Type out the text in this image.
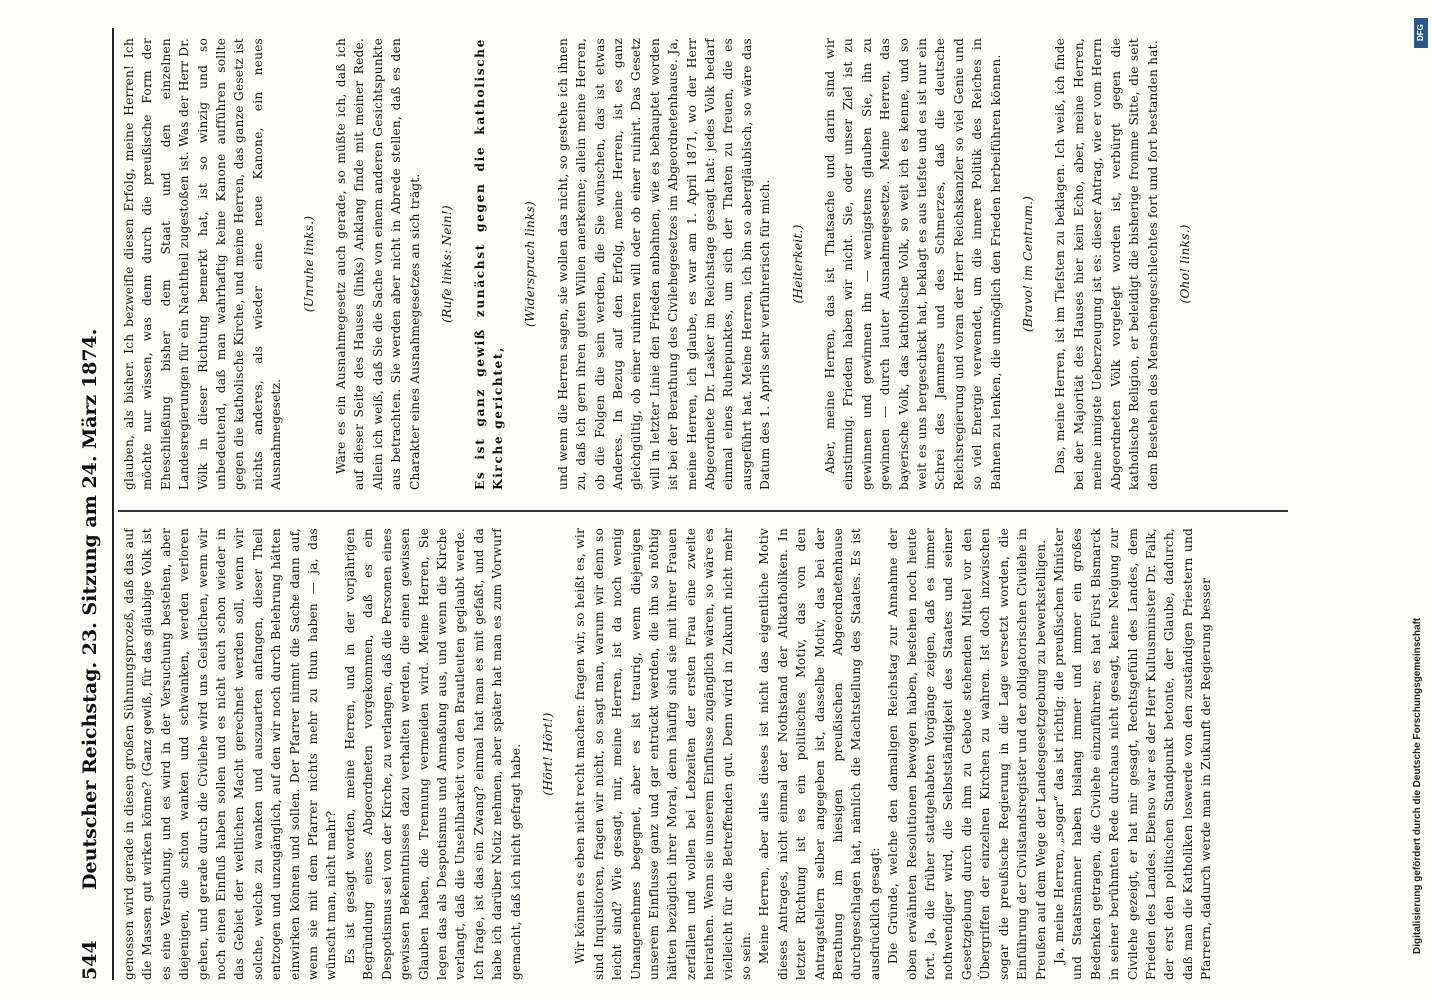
544
Deutscher Reichstag. 23. Sitzung am 24. März 1874.	genossen wird gerade in diesen großen Sühnungsprozeß, daß das auf die Massen gut wirken könne? (Ganz gewiß, für das gläubige Volk ist es eine Versuchung, und es wird in der Versuchung bestehen, aber diejenigen, die schon wanken und schwanken, werden verloren gehen, und gerade durch die Civilehe wird uns Geistlichen, wenn wir noch einen Einfluß haben sollen und es nicht auch schon wieder in das Gebiet der weltlichen Macht gerechnet werden soll, wenn wir solche, welche zu wanken und auszuarten anfangen, dieser Theil entzogen und unzugänglich, auf den wir noch durch Belehrung hätten einwirken können und sollen. Der Pfarrer nimmt die Sache dann auf, wenn sie mit dem Pfarrer nichts mehr zu thun haben — ja, das wünscht man, nicht mahr? Es ist gesagt worden, meine Herren, und in der vorjährigen Begründung eines Abgeordneten vorgekommen, daß es ein Despotismus sei von der Kirche, zu verlangen, daß die Personen eines gewissen Bekenntnisses dazu verhalten werden, die einen gewissen Glauben haben, die Trennung vermeiden wird. Meine Herren, Sie legen das als Despotismus und Anmaßung aus, und wenn die Kirche verlangt, daß die Unsehlbarkeit von den Brautleuten geglaubt werde. Ich frage, ist das ein Zwang? einmal hat man es mit gefaßt, und da habe ich darüber Notiz nehmen, aber später hat man es zum Vorwurf gemacht, daß ich nicht gefragt habe. (Hört! Hört!) Wir können es eben nicht recht machen: fragen wir, so heißt es, wir sind Inquisitoren, fragen wir nicht, so sagt man, warum wir denn so leicht sind? Wie gesagt, mir, meine Herren, ist da noch wenig Unangenehmes begegnet, aber es ist traurig, wenn diejenigen unserem Einflusse ganz und gar entrückt werden, die ihn so nöthig hätten bezüglich ihrer Moral, denn häufig sind sie mit ihrer Frauen zerfallen und wollen bei Lebzeiten der ersten Frau eine zweite heirathen. Wenn sie unserem Einflusse zugänglich wären, so wäre es vielleicht für die Betreffenden gut. Denn wird in Zukunft nicht mehr so sein. Meine Herren, aber alles dieses ist nicht das eigentliche Motiv dieses Antrages, nicht einmal der Nothstand der Altkatholiken. In letzter Richtung ist es ein politisches Motiv, das von den Antragstellern selber angegeben ist, dasselbe Motiv, das bei der Berathung im hiesigen preußischen Abgeordnetenhause durchgeschlagen hat, nämlich die Machtstellung des Staates. Es ist ausdrücklich gesagt: Die Gründe, welche den damaligen Reichstag zur Annahme der oben erwähnten Resolutionen bewogen haben, bestehen noch heute fort. Ja, die früher stattgehabten Vorgänge zeigen, daß es immer nothwendiger wird, die Selbstständigkeit des Staates und seiner Gesetzgebung durch die ihm zu Gebote stehenden Mittel vor den Übergriffen der einzelnen Kirchen zu wahren. Ist doch inzwischen sogar die preußische Regierung in die Lage versetzt worden, die Einführung der Civilstandsregister und der obligatorischen Civilehe in Preußen auf dem Wege der Landesgesetzgebung zu bewerkstelligen. Ja, meine Herren, „sogar“ das ist richtig: die preußischen Minister und Staatsmänner haben bislang immer und immer ein großes Bedenken getragen, die Civilehe einzuführen; es hat Fürst Bismarck in seiner berühmten Rede durchaus nicht gesagt, keine Neigung zur Civilehe gezeigt, er hat mir gesagt, Rechtsgefühl des Landes, dem Frieden des Landes. Ebenso war es der Herr Kultusminister Dr. Falk, der erst den politischen Standpunkt betonte, der Glaube, dadurch, daß man die Katholiken loswerde von den zuständigen Priestern und Pfarrern, dadurch werde man in Zukunft der Regierung besser

glauben, als bisher. Ich bezweifle diesen Erfolg, meine Herren! Ich möchte nur wissen, was denn durch die preußische Form der Eheschließung bisher dem Staat und den einzelnen Landesregierungen für ein Nachtheil zugestoßen ist. Was der Herr Dr. Völk in dieser Richtung bemerkt hat, ist so winzig und so unbedeutend, daß man wahrhaftig keine Kanone aufführen sollte gegen die katholische Kirche, und meine Herren, das ganze Gesetz ist nichts anderes, als wieder eine neue Kanone, ein neues Ausnahmegesetz.

(Unruhe links.) Wäre es ein Ausnahmegesetz auch gerade, so müßte ich, daß ich auf dieser Seite des Hauses (links) Anklang finde mit meiner Rede. Allein ich weiß, daß Sie die Sache von einem anderen Gesichtspunkte aus betrachten. Sie werden aber nicht in Abrede stellen, daß es den Charakter eines Ausnahmegesetzes an sich trägt. (Rufe links: Nein!) Es ist ganz gewiß zunächst gegen die katholische Kirche gerichtet,

(Widerspruch links) und wenn die Herren sagen, sie wollen das nicht, so gestehe ich ihnen zu, daß ich gern ihren guten Willen anerkenne; allein meine Herren, ob die Folgen die sein werden, die Sie wünschen, das ist etwas Anderes. In Bezug auf den Erfolg, meine Herren, ist es ganz gleichgültig, ob einer ruiniren will oder ob einer ruinirt. Das Gesetz will in letzter Linie den Frieden anbahnen, wie es behauptet worden ist bei der Berathung des Civilehegesetzes im Abgeordnetenhause. Ja, meine Herren, ich glaube, es war am 1. April 1871, wo der Herr Abgeordnete Dr. Lasker im Reichstage gesagt hat: jedes Volk bedarf einmal eines Ruhepunktes, um sich der Thaten zu freuen, die es ausgeführt hat. Meine Herren, ich bin so abergläubisch, so wäre das Datum des 1. Aprils sehr verführerisch für mich. (Heiterkeit.) Aber, meine Herren, das ist Thatsache und darin sind wir einstimmig. Frieden haben wir nicht. Sie, oder unser Ziel ist zu gewinnen und gewinnen ihn — wenigstens glauben Sie, ihn zu gewinnen — durch lauter Ausnahmegesetze. Meine Herren, das bayerische Volk, das katholische Volk, so weit ich es kenne, und so weit es uns hergeschickt hat, beklagt es aus tiefste und es ist nur ein Schrei des Jammers und des Schmerzes, daß die deutsche Reichsregierung und voran der Herr Reichskanzler so viel Genie und so viel Energie verwendet, um die innere Politik des Reiches in Bahnen zu lenken, die unmöglich den Frieden herbeiführen können. (Bravo! im Centrum.) Das, meine Herren, ist im Tiefsten zu beklagen. Ich weiß, ich finde bei der Majorität des Hauses hier kein Echo, aber, meine Herren, meine innigste Ueberzeugung ist es: dieser Antrag, wie er vom Herrn Abgeordneten Völk vorgelegt worden ist, verbürgt gegen die katholische Religion, er beleidigt die bisherige fromme Sitte, die seit dem Bestehen des Menschengeschlechtes fort und fort bestanden hat. (Oho! links.)

DFG
Digitalisierung gefördert durch die Deutsche Forschungsgemeinschaft
